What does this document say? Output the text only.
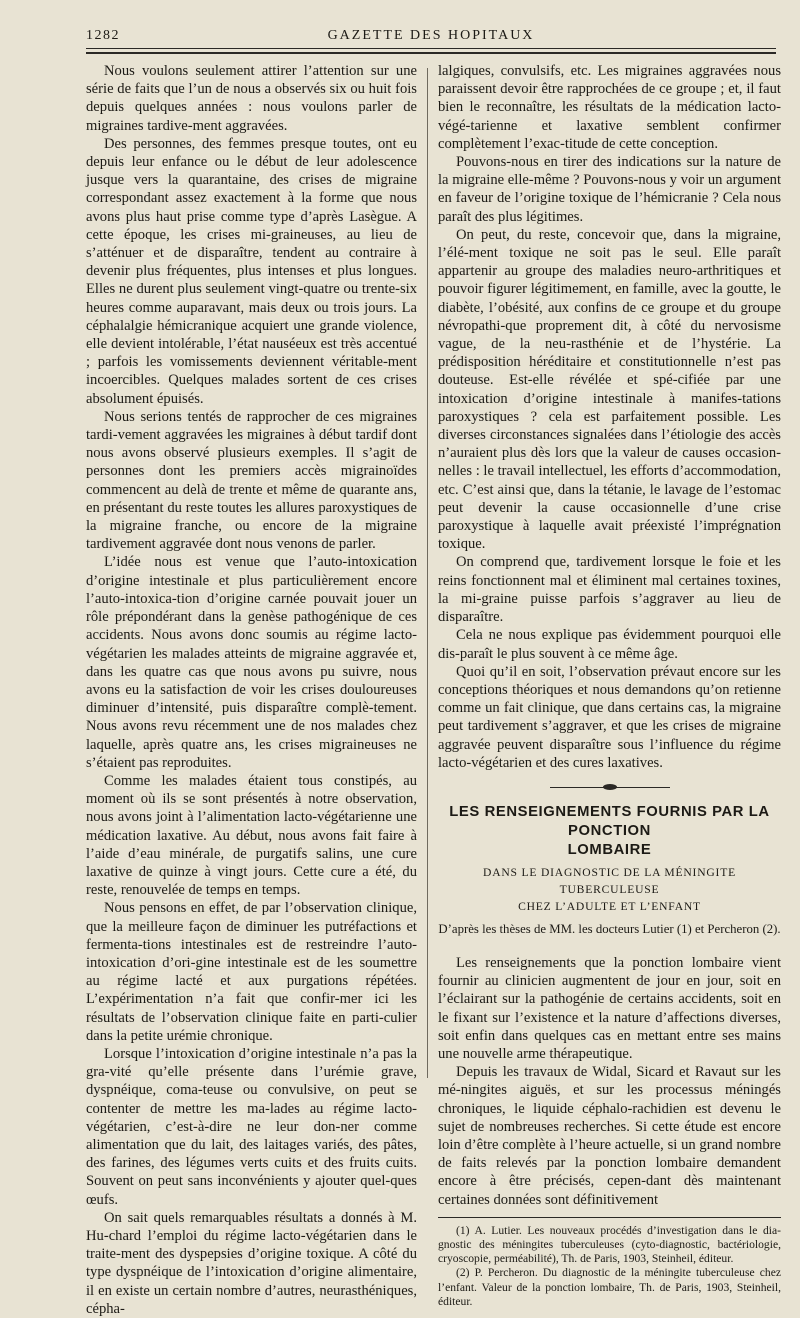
1282	GAZETTE DES HOPITAUX

Nous voulons seulement attirer l’attention sur une série de faits que l’un de nous a observés six ou huit fois depuis quelques années : nous voulons parler de migraines tardive-ment aggravées.

Des personnes, des femmes presque toutes, ont eu depuis leur enfance ou le début de leur adolescence jusque vers la quarantaine, des crises de migraine correspondant assez exactement à la forme que nous avons plus haut prise comme type d’après Lasègue. A cette époque, les crises mi-graineuses, au lieu de s’atténuer et de disparaître, tendent au contraire à devenir plus fréquentes, plus intenses et plus longues. Elles ne durent plus seulement vingt-quatre ou trente-six heures comme auparavant, mais deux ou trois jours. La céphalalgie hémicranique acquiert une grande violence, elle devient intolérable, l’état nauséeux est très accentué ; parfois les vomissements deviennent véritable-ment incoercibles. Quelques malades sortent de ces crises absolument épuisés.

Nous serions tentés de rapprocher de ces migraines tardi-vement aggravées les migraines à début tardif dont nous avons observé plusieurs exemples. Il s’agit de personnes dont les premiers accès migrainoïdes commencent au delà de trente et même de quarante ans, en présentant du reste toutes les allures paroxystiques de la migraine franche, ou encore de la migraine tardivement aggravée dont nous venons de parler.

L’idée nous est venue que l’auto-intoxication d’origine intestinale et plus particulièrement encore l’auto-intoxica-tion d’origine carnée pouvait jouer un rôle prépondérant dans la genèse pathogénique de ces accidents. Nous avons donc soumis au régime lacto-végétarien les malades atteints de migraine aggravée et, dans les quatre cas que nous avons pu suivre, nous avons eu la satisfaction de voir les crises douloureuses diminuer d’intensité, puis disparaître complè-tement. Nous avons revu récemment une de nos malades chez laquelle, après quatre ans, les crises migraineuses ne s’étaient pas reproduites.

Comme les malades étaient tous constipés, au moment où ils se sont présentés à notre observation, nous avons joint à l’alimentation lacto-végétarienne une médication laxative. Au début, nous avons fait faire à l’aide d’eau minérale, de purgatifs salins, une cure laxative de quinze à vingt jours. Cette cure a été, du reste, renouvelée de temps en temps.

Nous pensons en effet, de par l’observation clinique, que la meilleure façon de diminuer les putréfactions et fermenta-tions intestinales est de restreindre l’auto-intoxication d’ori-gine intestinale est de les soumettre au régime lacté et aux purgations répétées. L’expérimentation n’a fait que confir-mer ici les résultats de l’observation clinique faite en parti-culier dans la petite urémie chronique.

Lorsque l’intoxication d’origine intestinale n’a pas la gra-vité qu’elle présente dans l’urémie grave, dyspnéique, coma-teuse ou convulsive, on peut se contenter de mettre les ma-lades au régime lacto-végétarien, c’est-à-dire ne leur don-ner comme alimentation que du lait, des laitages variés, des pâtes, des farines, des légumes verts cuits et des fruits cuits. Souvent on peut sans inconvénients y ajouter quel-ques œufs.

On sait quels remarquables résultats a donnés à M. Hu-chard l’emploi du régime lacto-végétarien dans le traite-ment des dyspepsies d’origine toxique. A côté du type dyspnéique de l’intoxication d’origine alimentaire, il en existe un certain nombre d’autres, neurasthéniques, cépha-

lalgiques, convulsifs, etc. Les migraines aggravées nous paraissent devoir être rapprochées de ce groupe ; et, il faut bien le reconnaître, les résultats de la médication lacto-végé-tarienne et laxative semblent confirmer complètement l’exac-titude de cette conception.

Pouvons-nous en tirer des indications sur la nature de la migraine elle-même ? Pouvons-nous y voir un argument en faveur de l’origine toxique de l’hémicranie ? Cela nous paraît des plus légitimes.

On peut, du reste, concevoir que, dans la migraine, l’élé-ment toxique ne soit pas le seul. Elle paraît appartenir au groupe des maladies neuro-arthritiques et pouvoir figurer légitimement, en famille, avec la goutte, le diabète, l’obésité, aux confins de ce groupe et du groupe névropathi-que proprement dit, à côté du nervosisme vague, de la neu-rasthénie et de l’hystérie. La prédisposition héréditaire et constitutionnelle n’est pas douteuse. Est-elle révélée et spé-cifiée par une intoxication d’origine intestinale à manifes-tations paroxystiques ? cela est parfaitement possible. Les diverses circonstances signalées dans l’étiologie des accès n’auraient plus dès lors que la valeur de causes occasion-nelles : le travail intellectuel, les efforts d’accommodation, etc. C’est ainsi que, dans la tétanie, le lavage de l’estomac peut devenir la cause occasionnelle d’une crise paroxystique à laquelle avait préexisté l’imprégnation toxique.

On comprend que, tardivement lorsque le foie et les reins fonctionnent mal et éliminent mal certaines toxines, la mi-graine puisse parfois s’aggraver au lieu de disparaître.

Cela ne nous explique pas évidemment pourquoi elle dis-paraît le plus souvent à ce même âge.

Quoi qu’il en soit, l’observation prévaut encore sur les conceptions théoriques et nous demandons qu’on retienne comme un fait clinique, que dans certains cas, la migraine peut tardivement s’aggraver, et que les crises de migraine aggravée peuvent disparaître sous l’influence du régime lacto-végétarien et des cures laxatives.

LES RENSEIGNEMENTS FOURNIS PAR LA PONCTION
LOMBAIRE
DANS LE DIAGNOSTIC DE LA MÉNINGITE TUBERCULEUSE
CHEZ L’ADULTE ET L’ENFANT
D’après les thèses de MM. les docteurs Lutier (1) et Percheron (2).

Les renseignements que la ponction lombaire vient fournir au clinicien augmentent de jour en jour, soit en l’éclairant sur la pathogénie de certains accidents, soit en le fixant sur l’existence et la nature d’affections diverses, soit enfin dans quelques cas en mettant entre ses mains une nouvelle arme thérapeutique.

Depuis les travaux de Widal, Sicard et Ravaut sur les mé-ningites aiguës, et sur les processus méningés chroniques, le liquide céphalo-rachidien est devenu le sujet de nombreuses recherches. Si cette étude est encore loin d’être complète à l’heure actuelle, si un grand nombre de faits relevés par la ponction lombaire demandent encore à être précisés, cepen-dant dès maintenant certaines données sont définitivement

(1) A. Lutier. Les nouveaux procédés d’investigation dans le dia-gnostic des méningites tuberculeuses (cyto-diagnostic, bactériologie, cryoscopie, perméabilité), Th. de Paris, 1903, Steinheil, éditeur.

(2) P. Percheron. Du diagnostic de la méningite tuberculeuse chez l’enfant. Valeur de la ponction lombaire, Th. de Paris, 1903, Steinheil, éditeur.
